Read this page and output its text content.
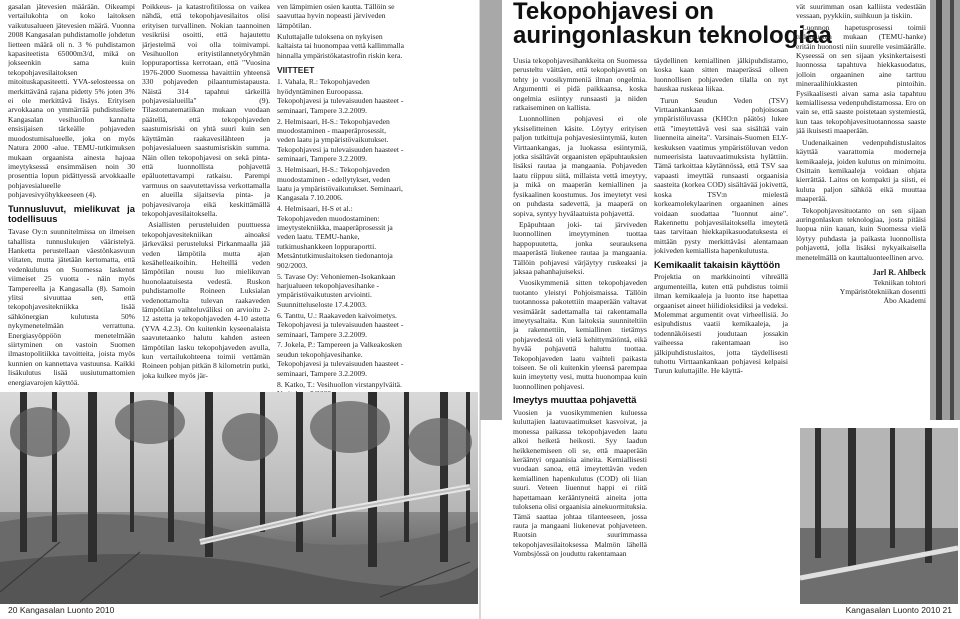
gasalan jätevesien määrään. Oikeampi vertailukohta on koko laitoksen vaikutusalueen jätevesien määrä. Vuonna 2008 Kangasalan puhdistamolle johdetun lietteen määrä oli n. 3 % puhdistamon kapasiteetista 65000m3/d, mikä on jokseenkin sama kuin tekopohjavesilaitoksen mitoituskapasiteetti. YVA-selosteessa on merkittävänä rajana pidetty 5% joten 3% ei ole merkittävä lisäys. Erityisen arvokkaana on ymmärrää puhdistusliete Kangasalan vesihuollon kannalta ensisijaisen tärkeälle pohjaveden muodostumisalueelle, joka on myös Natura 2000 -alue. TEMU-tutkimuksen mukaan orgaanista ainesta hajoaa imeytyksessä ensimmäisen noin 30 prosenttia lopun pidättyessä arvokkaalle pohjavesialueelle pohjavesivyöhykkeeseen (4).

Tunnusluvut, mielikuvat ja todellisuus

Tavase Oy:n suunnitelmissa on ilmeisen tahallista tunnuslukujen vääristelyä. Hanketta perustellaan väestönkasvuun viitaten, mutta jätetään kertomatta, että vedenkulutus on Suomessa laskenut viimeiset 25 vuotta - näin myös Tampereella ja Kangasalla (8). Samoin ylitsi sivuuttaa sen, että tekopohjavesitekniikka lisää sähkönergian kulutusta 50% nykymenetelmään verrattuna. Energiasyöppöön menetelmään siirtyminen on vastoin Suomen ilmastopolitiikka tavoitteita, joista myös kunnien on kannettava vastuunsa. Kaikki lisäkulutus lisää uusiutumattomien energiavarojen käyttöä.

Poikkeus- ja katastrofitilossa on vaikea nähdä, että tekopohjavesilaitos olisi erityisen turvallinen. Nokian taannoinen vesikriisi osoitti, että hajautettu järjestelmä voi olla toimivampi. Vesihuollon erityistilannetyöryhmän loppuraportissa kerrotaan, että "Vuosina 1976-2000 Suomessa havaittiin yhteensä 330 pohjaveden pilaantumistapausta. Näistä 314 tapahtui tärkeillä pohjavesialueilla" (9). Tilastomatematiikan mukaan vuodaan päätellä, että tekopohjaveden saastumisriski on yhtä suuri kuin sen käyttämän raakavesilähteen ja pohjavesialueen saastumisriskin summa. Näin ollen tekopohjavesi on sekä pinta- että luonnollista pohjavettä epäluotettavampi ratkaisu. Parempi varmuus on saavutettavissa verkottamalla en alueilla sijaitsevia pinta- ja pohjavesivaroja eikä keskittämällä tekopohjavesilaitoksella.

Asiallisten perusteluiden puuttuessa tekopohjavesitekniikan ainoaksi järkeväksi perusteluksi Pirkanmaalla jää veden lämpötila mutta ajan kesähelleaikoihin. Helteillä veden lämpötilan nousu luo mielikuvan huonolaatuisesta vedestä. Ruskon puhdistamolle Roineen Luksialan vedenottamolta tulevan raakaveden lämpötilan vaihteluväliksi on arvioitu 2-12 astetta ja tekopohjaveden 4-10 astetta (YVA 4.2.3). On kuitenkin kyseenalaista saavutetaanko halutu kahden asteen lämpötilan lasku tekopohjaveden avulla, kun vertailukohteena toimii vettämän Roineen pohjan pitkän 8 kilometrin putki, joka kulkee myös jär-

ven lämpimien osien kautta. Tällöin se saavuttaa hyvin nopeasti järviveden lämpötilan.

Kuluttajalle tuloksena on nykyisen kaltaista tai huonompaa vettä kallimmalla hinnalla ympäristökatastrofin riskin kera.

VIITTEET

1. Vahala, R.: Tekopohjaveden hyödyntäminen Euroopassa. Tekopohjavesi ja tulevaisuuden haasteet -seminaari, Tampere 3.2.2009.

2. Helmisaari, H-S.: Tekopohjaveden muodostaminen - maaperäprosessit, veden laatu ja ympäristövaikutukset. Tekopohjavesi ja tulevaisuuden haasteet -seminaari, Tampere 3.2.2009.

3. Helmisaari, H-S.: Tekopohjaveden muodostaminen - edellytykset, veden laatu ja ympäristövaikutukset. Seminaari, Kangasala 7.10.2006.

4. Helmisaari, H-S et al.: Tekopohjaveden muodostaminen: imeytystekniikka, maaperäprosessit ja veden laatu. TEMU-hanke, tutkimushankkeen loppuraportti. Metsäntutkimuslaitoksen tiedonantoja 902/2003.

5. Tavase Oy: Vehoniemen-Isokankaan harjualueen tekopohjavesihanke - ympäristövaikutusten arviointi. Suunnitteluseloste 17.4.2003.

6. Tanttu, U.: Raakaveden kaivoimetys. Tekopohjavesi ja tulevaisuuden haasteet -seminaari, Tampere 3.2.2009.

7. Jokela, P.: Tampereen ja Valkeakosken seudun tekopohjavesihanke. Tekopohjavesi ja tulevaisuuden haasteet -seminaari, Tampere 3.2.2009.

8. Katko, T.: Vesihuollon virstanpylväitä.

20 Kangasalan Luonto 2010
Tekopohjavesi on
auringonlaskun teknologiaa

Uusia tekopohjavesihankkeita on Suomessa perusteltu väittäen, että tekopohjavettä on tehty jo vuosikymmeniä ilman ongelmia. Argumentti ei pidä paikkaansa, koska ongelmia esiintyy runsaasti ja niiden ratkaiseminen on kallista.

Luonnollinen pohjavesi ei ole yksiselitteinen käsite. Löytyy erityisen paljon tutkittuja pohjavesiesiintymiä, kuten Virttaankangas, ja luokassa esiintymiä, jotka sisältävät orgaanisten epäpuhtauksien lisäksi rautaa ja mangaania. Pohjaveden laatu riippuu siitä, millaista vettä imeytyy, ja mikä on maaperän kemiallinen ja fysikaalinen koostumus. Jos imeytetyt vesi on puhdasta sadevettä, ja maaperä on sopiva, syntyy hyvälaatuista pohjavettä.

Epäpuhtaan joki- tai järviveden luonnollinen imeytyminen tuottaa happopuutetta, jonka seurauksena maaperästä liukenee rautaa ja mangaania. Tällöin pohjavesi värjäytyy ruskeaksi ja jaksaa pahanhajuiseksi.

Vuosikymmeniä sitten tekopohjaveden tuotanto yleistyi Pohjoismaissa. Tällöin tuotannossa pakotettiin maaperään valtavat vesimäärät sadettamalla tai rakentamalla imeytysaltaita. Kun laitoksia suunniteltiin ja rakennettiin, kemiallinen tietämys pohjavedestä oli vielä kehittymätöntä, eikä hyvää pohjavettä haluttu tuottaa. Tekopohjaveden laatu vaihteli paikasta toiseen. Se oli kuitenkin yleensä parempaa kuin imeytetty vesi, mutta huonompaa kuin luonnollinen pohjavesi.

Imeytys muuttaa pohjavettä

Vuosien ja vuosikymmenien kuluessa kuluttajien laatuvaatimukset kasvoivat, ja monessa paikassa tekopohjaveden laatu alkoi heiketä heikosti. Syy laadun heikkenemiseen oli se, että maaperään kerääntyi orgaanisia aineita. Kemiallisesti vuodaan sanoa, että imeytettävän veden kemiallinen hapenkulutus (COD) oli liian suuri. Veteen liuennut happi ei riitä hapettamaan kerääntyneitä aineita jotta tuloksena olisi orgaanisia ainekuormituksia. Tämä saattaa johtaa tilanteeseen, jossa rauta ja mangaani liukenevat pohjaveteen. Ruotsin suurimmassa tekopohjavesilaitoksessa Malmön lähellä Vombsjössä on jouduttu rakentamaan

täydellinen kemiallinen jälkipuhdistamo, koska kaan sitten maaperässä olleen luonnollisen pohjaveden tilalla on nyt hauskaa ruskeaa liikaa.

Turun Seudun Veden (TSV) Virttaankankaan pohjoisosan ympäristöluvassa (KHO:n päätös) lukee että "imeytettävä vesi saa sisältää vain liuenneita aineita". Varsinais-Suomen ELY-keskuksen vaatimus ympäristöluvan vedon numeerisista laatuvaatimuksista hylättiin. Tämä tarkoittaa käytännössä, että TSV saa vapaasti imeyttää runsaasti orgaanisia saasteita (korkea COD) sisältävää jokivettä, koska TSV:n mielestä korkeamolekylaarinen orgaaninen aines voidaan suodattaa "luonnut aine". Rakennettu pohjavesilaitoksella imeytetä taas tarvitaan hiekkapikasuodatuksesta ei mittään pysty merkittäväsi alentamaan jokiveden kemiallista hapenkulutusta.

Kemikaalit takaisin käyttöön

Projektia on markkinointi vihreällä argumenteilla, kuten että puhdistus toimii ilman kemikaaleja ja luonto itse hapettaa orgaaniset aineet hiilidioksidiksi ja vedeksi. Molemmat argumentit ovat virheellisiä. Jo esipuhdistus vaatii kemikaaleja, ja todennäköisesti joudutaan jossakin vaiheessa rakentamaan iso jälkipuhdistuslaitos, jotta täydellisesti tuhottu Virttaankankaan pohjavesi kelpaisi Turun kuluttajille. He käyttä-

vät suurimman osan kalliista vedestään vessaan, pyykkiin, suihkuun ja tiskiin.

Luonnon hapetusprosessi toimii tutkimusten mukaan (TEMU-hanke) eritäin huonosti niin suurelle vesimäärälle. Kyseessä on sen sijaan yksinkertaisesti luonnossa tapahtuva hiekkasuodatus, jolloin orgaaninen aine tarttuu mineraalihiukkasten pintoihin. Fysikaalisesti aivan sama asia tapahtuu kemiallisessa vedenpuhdistamossa. Ero on vain se, että saaste poistetaan systemiestä, kun taas tekopohjavesituotannossa saaste jää ikuisesti maaperään.

Uudenaikainen vedenpuhdistuslaitos käyttää vaarattomia moderneja kemikaaleja, joiden kulutus on minimoitu. Osittain kemikaaleja voidaan ohjata kierrättää. Laitos on kompakti ja siisti, ei kuluta paljon sähköä eikä muuttaa maaperää.

Tekopohjavesituotanto on sen sijaan auringonlaskun teknologiaa, josta pitäisi luopua niin kauan, kuin Suomessa vielä löytyy puhdasta ja paikasta luonnollista pohjavettä, jolla lisäksi nykyaikaisella menetelmällä on kauttaluonteellinen arvo.

Jarl R. Ahlbeck
Tekniikan tohtori
Ympäristötekniikan dosentti
Åbo Akademi
Kangasalan Luonto 2010 21
